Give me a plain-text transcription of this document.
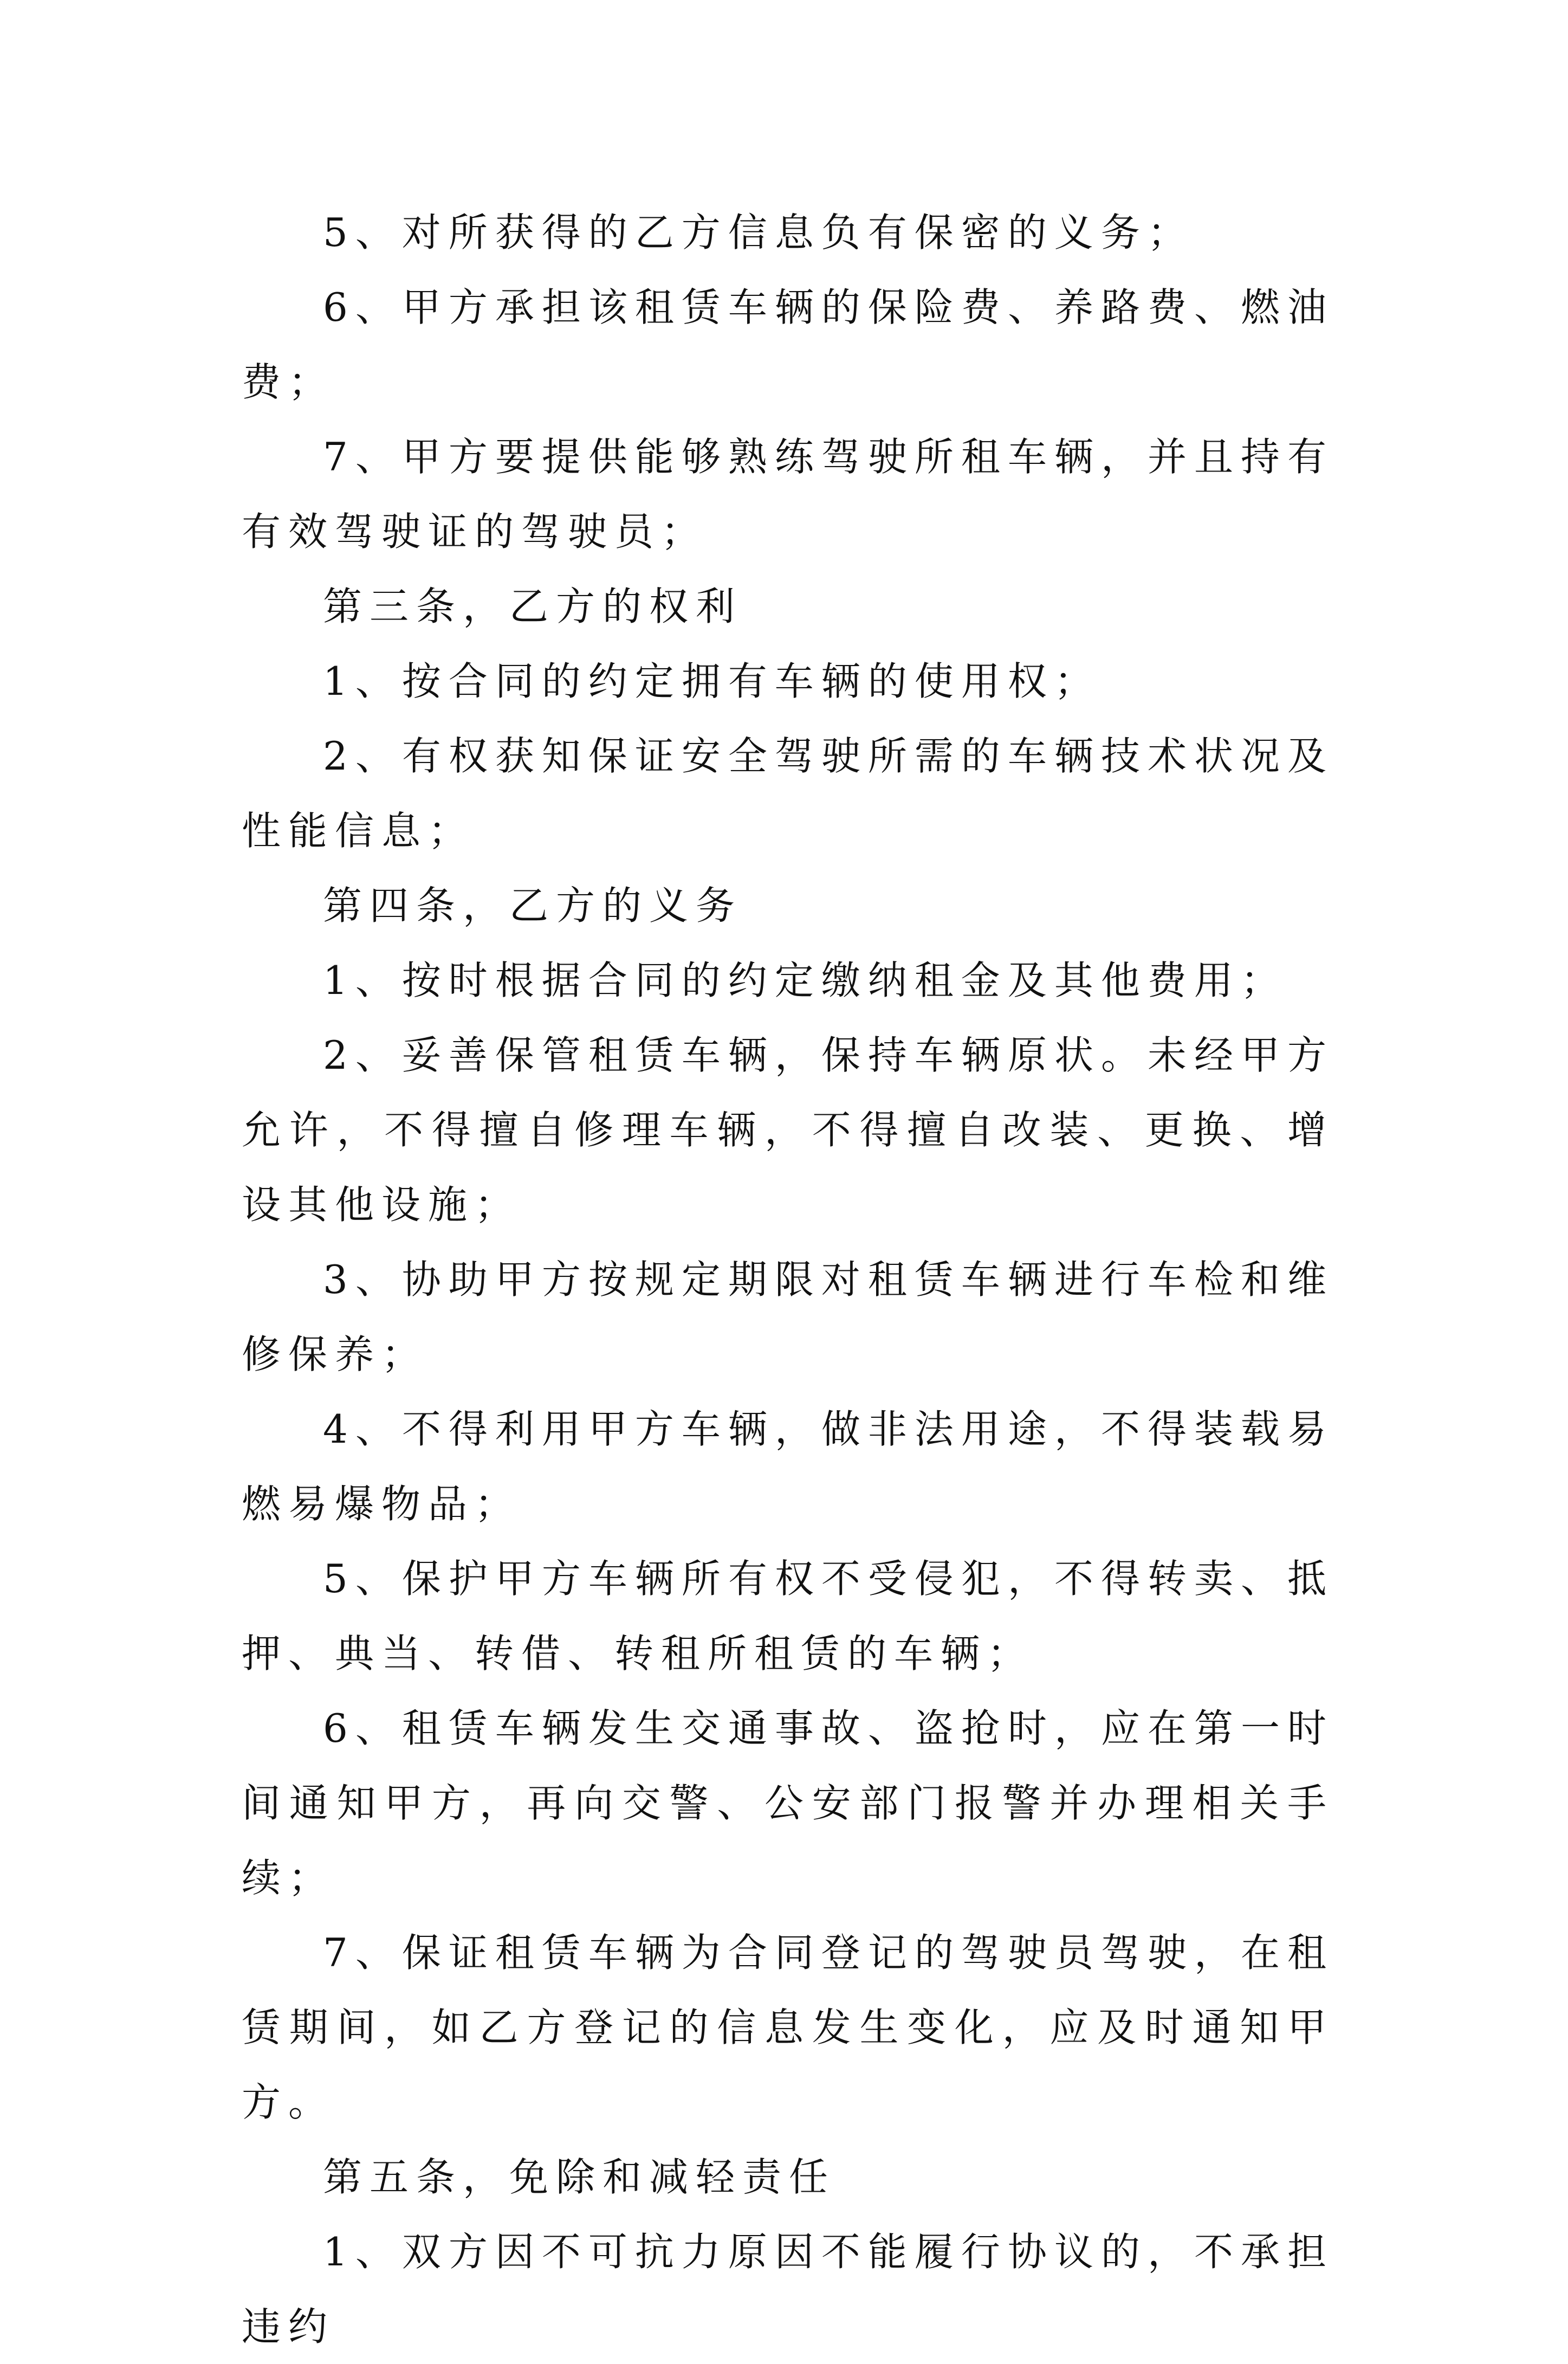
5、对所获得的乙方信息负有保密的义务；

6、甲方承担该租赁车辆的保险费、养路费、燃油费；

7、甲方要提供能够熟练驾驶所租车辆，并且持有有效驾驶证的驾驶员；

第三条，乙方的权利

1、按合同的约定拥有车辆的使用权；

2、有权获知保证安全驾驶所需的车辆技术状况及性能信息；

第四条，乙方的义务

1、按时根据合同的约定缴纳租金及其他费用；

2、妥善保管租赁车辆，保持车辆原状。未经甲方允许，不得擅自修理车辆，不得擅自改装、更换、增设其他设施；

3、协助甲方按规定期限对租赁车辆进行车检和维修保养；

4、不得利用甲方车辆，做非法用途，不得装载易燃易爆物品；

5、保护甲方车辆所有权不受侵犯，不得转卖、抵押、典当、转借、转租所租赁的车辆；

6、租赁车辆发生交通事故、盗抢时，应在第一时间通知甲方，再向交警、公安部门报警并办理相关手续；

7、保证租赁车辆为合同登记的驾驶员驾驶，在租赁期间，如乙方登记的信息发生变化，应及时通知甲方。

第五条，免除和减轻责任

1、双方因不可抗力原因不能履行协议的，不承担违约
